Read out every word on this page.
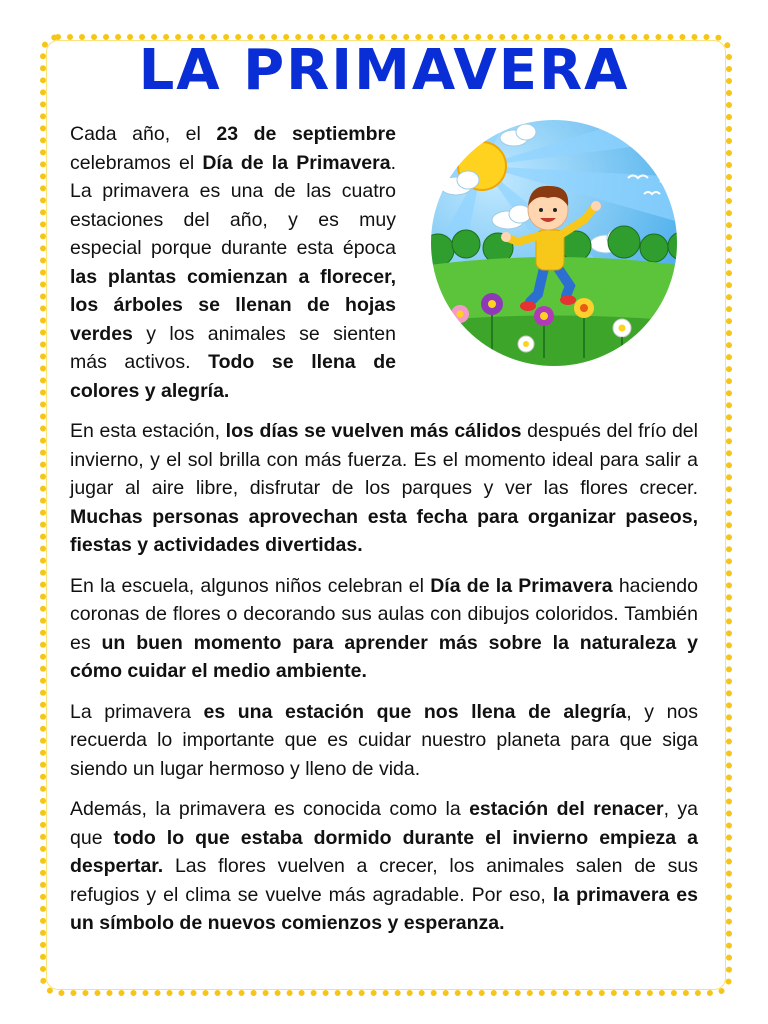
LA PRIMAVERA

Cada año, el 23 de septiembre celebramos el Día de la Primavera. La primavera es una de las cuatro estaciones del año, y es muy especial porque durante esta época las plantas comienzan a florecer, los árboles se llenan de hojas verdes y los animales se sienten más activos. Todo se llena de colores y alegría.

En esta estación, los días se vuelven más cálidos después del frío del invierno, y el sol brilla con más fuerza. Es el momento ideal para salir a jugar al aire libre, disfrutar de los parques y ver las flores crecer. Muchas personas aprovechan esta fecha para organizar paseos, fiestas y actividades divertidas.

En la escuela, algunos niños celebran el Día de la Primavera haciendo coronas de flores o decorando sus aulas con dibujos coloridos. También es un buen momento para aprender más sobre la naturaleza y cómo cuidar el medio ambiente.

La primavera es una estación que nos llena de alegría, y nos recuerda lo importante que es cuidar nuestro planeta para que siga siendo un lugar hermoso y lleno de vida.

Además, la primavera es conocida como la estación del renacer, ya que todo lo que estaba dormido durante el invierno empieza a despertar. Las flores vuelven a crecer, los animales salen de sus refugios y el clima se vuelve más agradable. Por eso, la primavera es un símbolo de nuevos comienzos y esperanza.
